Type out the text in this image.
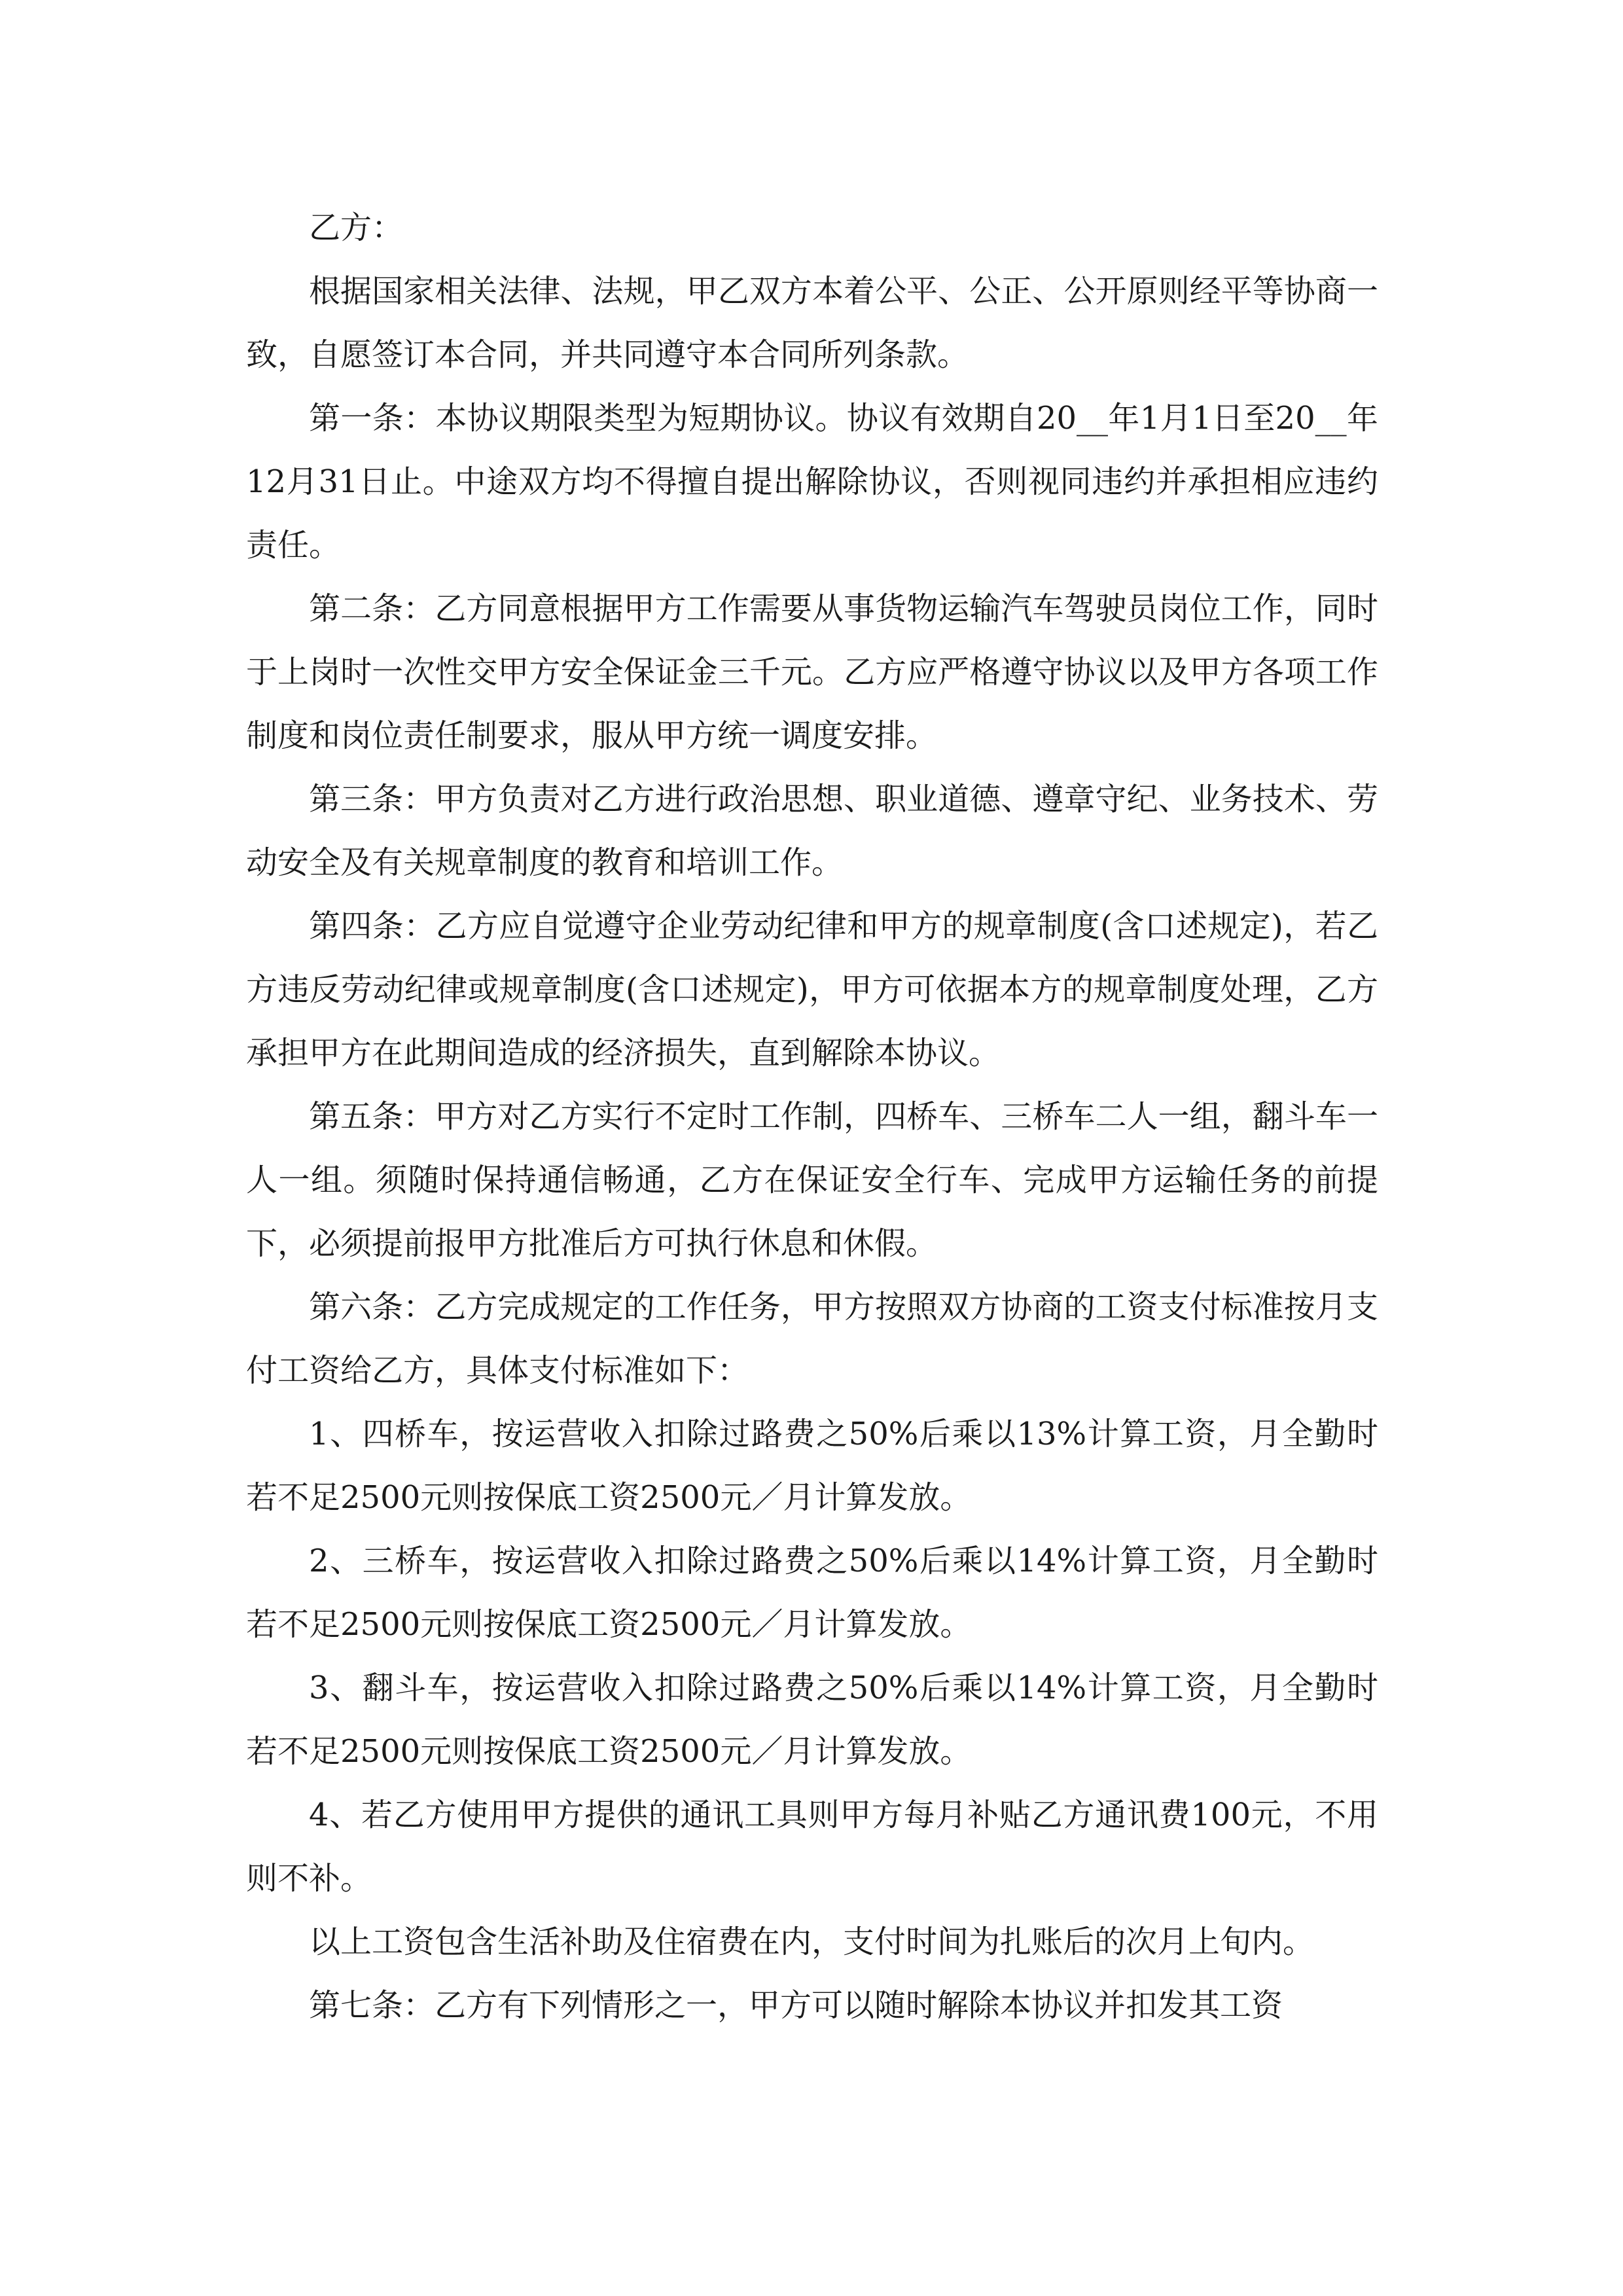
乙方：

根据国家相关法律、法规，甲乙双方本着公平、公正、公开原则经平等协商一致，自愿签订本合同，并共同遵守本合同所列条款。

第一条：本协议期限类型为短期协议。协议有效期自20__年1月1日至20__年12月31日止。中途双方均不得擅自提出解除协议，否则视同违约并承担相应违约责任。

第二条：乙方同意根据甲方工作需要从事货物运输汽车驾驶员岗位工作，同时于上岗时一次性交甲方安全保证金三千元。乙方应严格遵守协议以及甲方各项工作制度和岗位责任制要求，服从甲方统一调度安排。

第三条：甲方负责对乙方进行政治思想、职业道德、遵章守纪、业务技术、劳动安全及有关规章制度的教育和培训工作。

第四条：乙方应自觉遵守企业劳动纪律和甲方的规章制度(含口述规定)，若乙方违反劳动纪律或规章制度(含口述规定)，甲方可依据本方的规章制度处理，乙方承担甲方在此期间造成的经济损失，直到解除本协议。

第五条：甲方对乙方实行不定时工作制，四桥车、三桥车二人一组，翻斗车一人一组。须随时保持通信畅通，乙方在保证安全行车、完成甲方运输任务的前提下，必须提前报甲方批准后方可执行休息和休假。

第六条：乙方完成规定的工作任务，甲方按照双方协商的工资支付标准按月支付工资给乙方，具体支付标准如下：

1、四桥车，按运营收入扣除过路费之50%后乘以13%计算工资，月全勤时若不足2500元则按保底工资2500元／月计算发放。

2、三桥车，按运营收入扣除过路费之50%后乘以14%计算工资，月全勤时若不足2500元则按保底工资2500元／月计算发放。

3、翻斗车，按运营收入扣除过路费之50%后乘以14%计算工资，月全勤时若不足2500元则按保底工资2500元／月计算发放。

4、若乙方使用甲方提供的通讯工具则甲方每月补贴乙方通讯费100元，不用则不补。

以上工资包含生活补助及住宿费在内，支付时间为扎账后的次月上旬内。

第七条：乙方有下列情形之一，甲方可以随时解除本协议并扣发其工资
